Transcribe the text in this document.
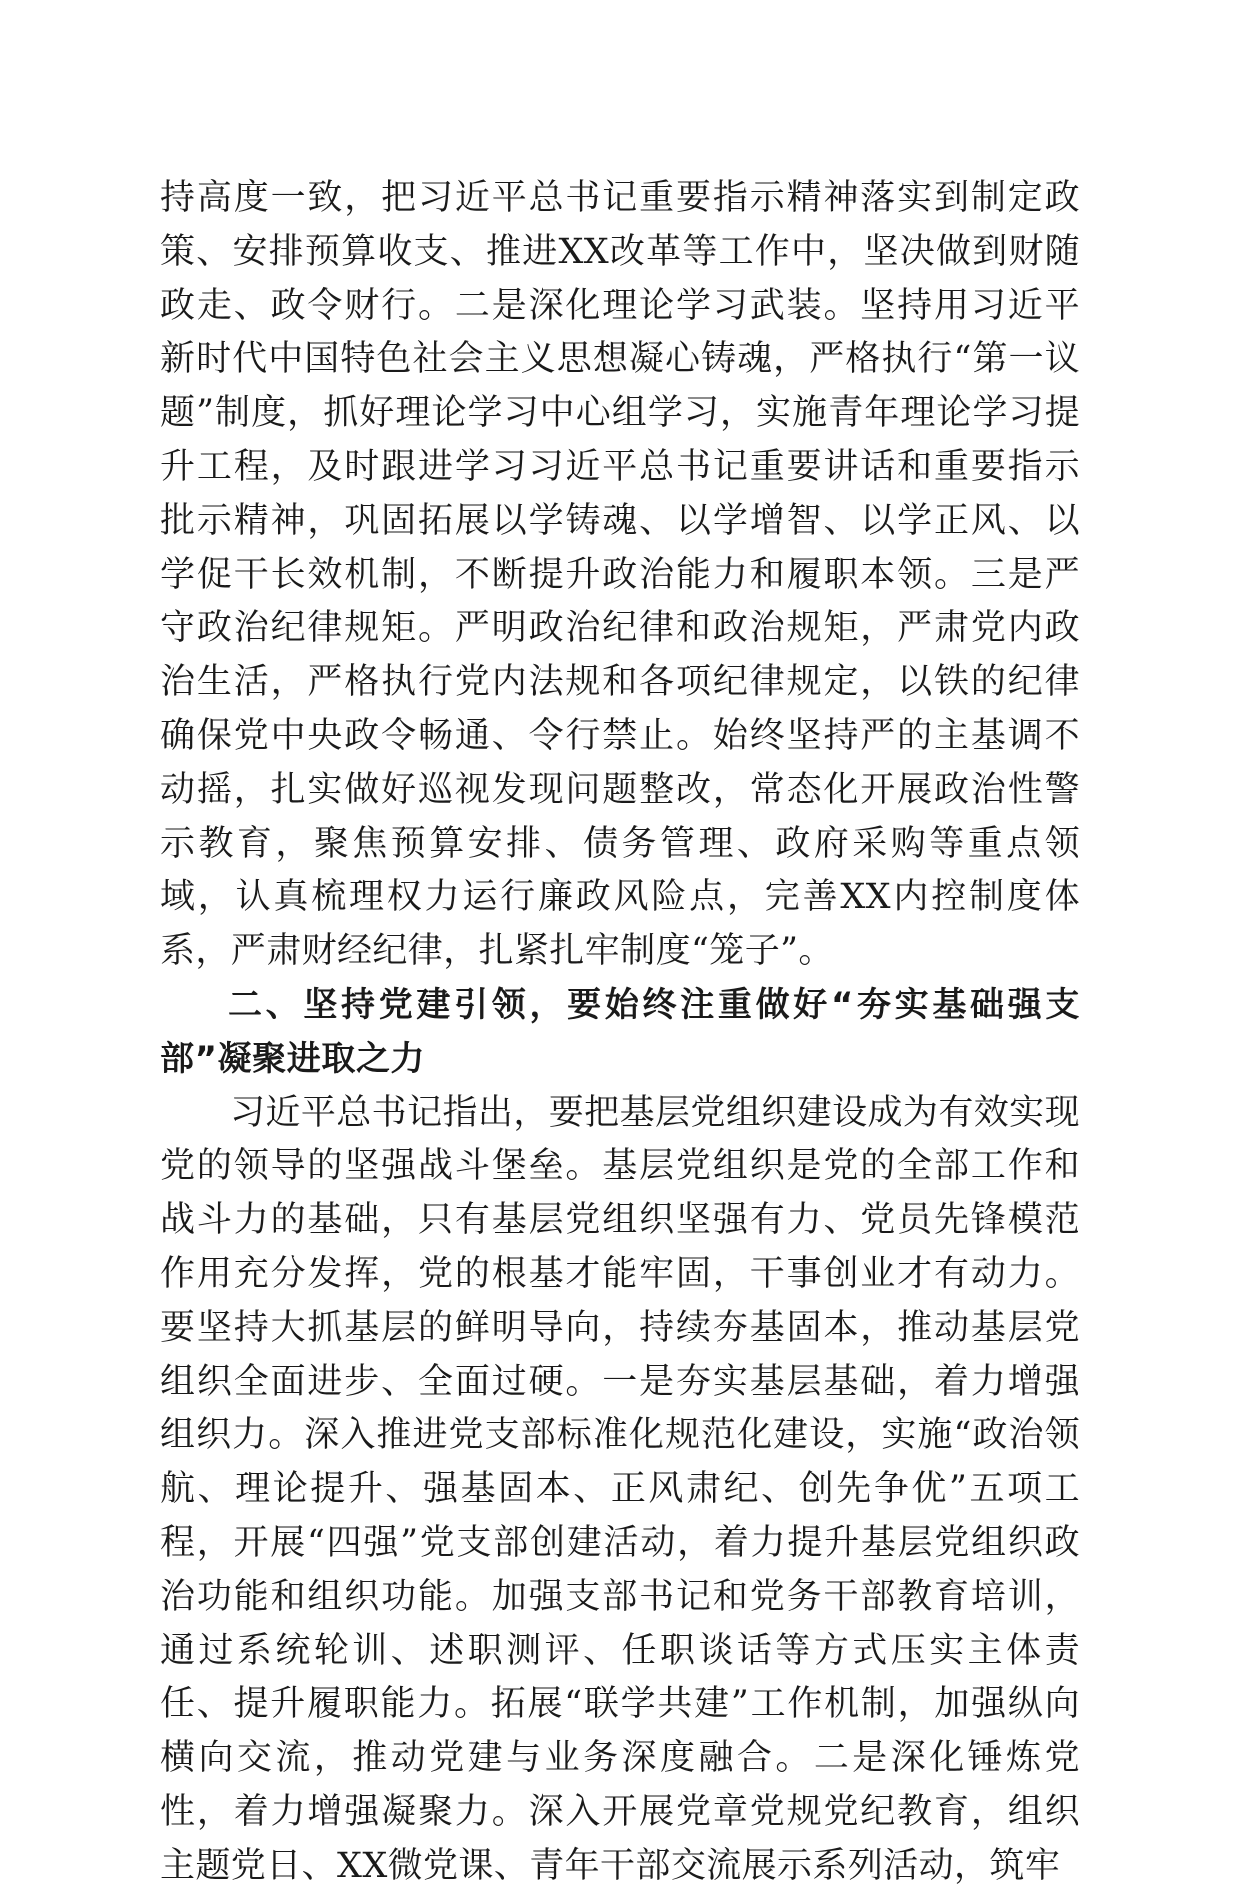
持高度一致，把习近平总书记重要指示精神落实到制定政策、安排预算收支、推进XX改革等工作中，坚决做到财随政走、政令财行。二是深化理论学习武装。坚持用习近平新时代中国特色社会主义思想凝心铸魂，严格执行“第一议题”制度，抓好理论学习中心组学习，实施青年理论学习提升工程，及时跟进学习习近平总书记重要讲话和重要指示批示精神，巩固拓展以学铸魂、以学增智、以学正风、以学促干长效机制，不断提升政治能力和履职本领。三是严守政治纪律规矩。严明政治纪律和政治规矩，严肃党内政治生活，严格执行党内法规和各项纪律规定，以铁的纪律确保党中央政令畅通、令行禁止。始终坚持严的主基调不动摇，扎实做好巡视发现问题整改，常态化开展政治性警示教育，聚焦预算安排、债务管理、政府采购等重点领域，认真梳理权力运行廉政风险点，完善XX内控制度体系，严肃财经纪律，扎紧扎牢制度“笼子”。

二、坚持党建引领，要始终注重做好“夯实基础强支部”凝聚进取之力

习近平总书记指出，要把基层党组织建设成为有效实现党的领导的坚强战斗堡垒。基层党组织是党的全部工作和战斗力的基础，只有基层党组织坚强有力、党员先锋模范作用充分发挥，党的根基才能牢固，干事创业才有动力。要坚持大抓基层的鲜明导向，持续夯基固本，推动基层党组织全面进步、全面过硬。一是夯实基层基础，着力增强组织力。深入推进党支部标准化规范化建设，实施“政治领航、理论提升、强基固本、正风肃纪、创先争优”五项工程，开展“四强”党支部创建活动，着力提升基层党组织政治功能和组织功能。加强支部书记和党务干部教育培训，通过系统轮训、述职测评、任职谈话等方式压实主体责任、提升履职能力。拓展“联学共建”工作机制，加强纵向横向交流，推动党建与业务深度融合。二是深化锤炼党性，着力增强凝聚力。深入开展党章党规党纪教育，组织主题党日、XX微党课、青年干部交流展示系列活动，筑牢
